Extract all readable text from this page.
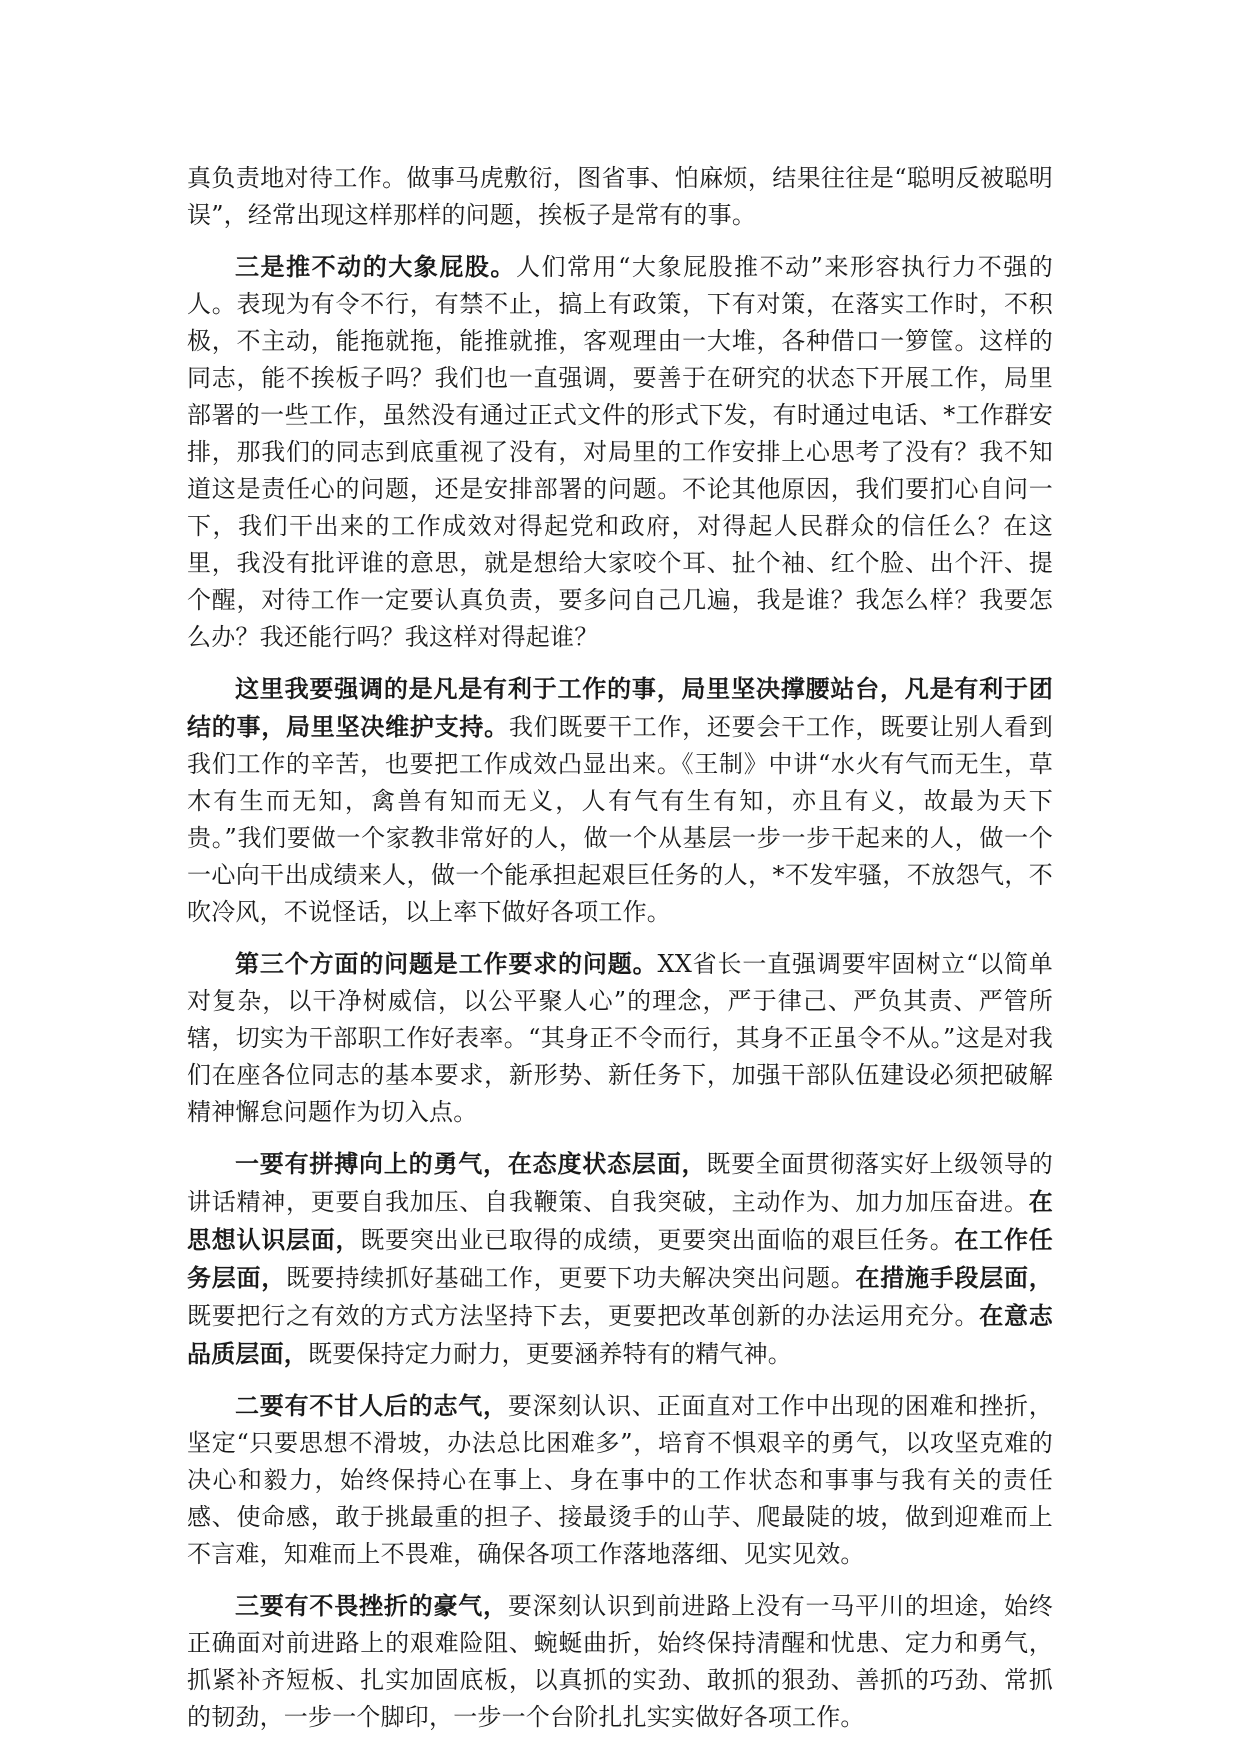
真负责地对待工作。做事马虎敷衍，图省事、怕麻烦，结果往往是“聪明反被聪明误”，经常出现这样那样的问题，挨板子是常有的事。

三是推不动的大象屁股。人们常用“大象屁股推不动”来形容执行力不强的人。表现为有令不行，有禁不止，搞上有政策，下有对策，在落实工作时，不积极，不主动，能拖就拖，能推就推，客观理由一大堆，各种借口一箩筐。这样的同志，能不挨板子吗？我们也一直强调，要善于在研究的状态下开展工作，局里部署的一些工作，虽然没有通过正式文件的形式下发，有时通过电话、*工作群安排，那我们的同志到底重视了没有，对局里的工作安排上心思考了没有？我不知道这是责任心的问题，还是安排部署的问题。不论其他原因，我们要扪心自问一下，我们干出来的工作成效对得起党和政府，对得起人民群众的信任么？在这里，我没有批评谁的意思，就是想给大家咬个耳、扯个袖、红个脸、出个汗、提个醒，对待工作一定要认真负责，要多问自己几遍，我是谁？我怎么样？我要怎么办？我还能行吗？我这样对得起谁？

这里我要强调的是凡是有利于工作的事，局里坚决撑腰站台，凡是有利于团结的事，局里坚决维护支持。我们既要干工作，还要会干工作，既要让别人看到我们工作的辛苦，也要把工作成效凸显出来。《王制》中讲“水火有气而无生，草木有生而无知，禽兽有知而无义，人有气有生有知，亦且有义，故最为天下贵。”我们要做一个家教非常好的人，做一个从基层一步一步干起来的人，做一个一心向干出成绩来人，做一个能承担起艰巨任务的人，*不发牢骚，不放怨气，不吹冷风，不说怪话，以上率下做好各项工作。

第三个方面的问题是工作要求的问题。XX省长一直强调要牢固树立“以简单对复杂，以干净树威信，以公平聚人心”的理念，严于律己、严负其责、严管所辖，切实为干部职工作好表率。“其身正不令而行，其身不正虽令不从。”这是对我们在座各位同志的基本要求，新形势、新任务下，加强干部队伍建设必须把破解精神懈怠问题作为切入点。

一要有拼搏向上的勇气，在态度状态层面，既要全面贯彻落实好上级领导的讲话精神，更要自我加压、自我鞭策、自我突破，主动作为、加力加压奋进。在思想认识层面，既要突出业已取得的成绩，更要突出面临的艰巨任务。在工作任务层面，既要持续抓好基础工作，更要下功夫解决突出问题。在措施手段层面，既要把行之有效的方式方法坚持下去，更要把改革创新的办法运用充分。在意志品质层面，既要保持定力耐力，更要涵养特有的精气神。

二要有不甘人后的志气，要深刻认识、正面直对工作中出现的困难和挫折，坚定“只要思想不滑坡，办法总比困难多”，培育不惧艰辛的勇气，以攻坚克难的决心和毅力，始终保持心在事上、身在事中的工作状态和事事与我有关的责任感、使命感，敢于挑最重的担子、接最烫手的山芋、爬最陡的坡，做到迎难而上不言难，知难而上不畏难，确保各项工作落地落细、见实见效。

三要有不畏挫折的豪气，要深刻认识到前进路上没有一马平川的坦途，始终正确面对前进路上的艰难险阻、蜿蜒曲折，始终保持清醒和忧患、定力和勇气，抓紧补齐短板、扎实加固底板，以真抓的实劲、敢抓的狠劲、善抓的巧劲、常抓的韧劲，一步一个脚印，一步一个台阶扎扎实实做好各项工作。
